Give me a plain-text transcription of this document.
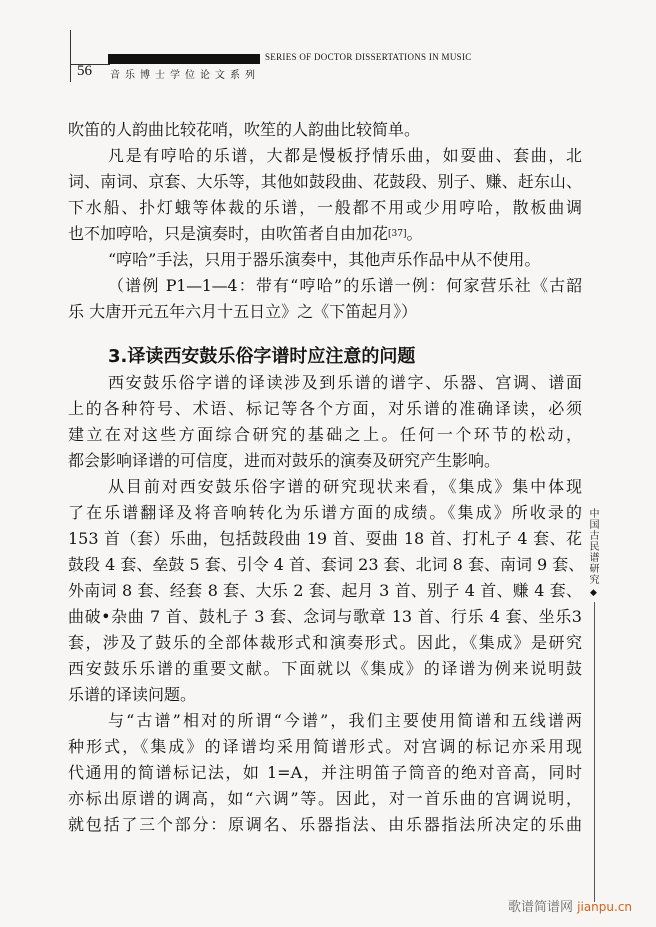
SERIES OF DOCTOR DISSERTATIONS IN MUSIC
56 音乐博士学位论文系列
吹笛的人韵曲比较花哨，吹笙的人韵曲比较简单。
凡是有哼哈的乐谱，大都是慢板抒情乐曲，如耍曲、套曲，北
词、南词、京套、大乐等，其他如鼓段曲、花鼓段、别子、赚、赶东山、
下水船、扑灯蛾等体裁的乐谱，一般都不用或少用哼哈，散板曲调
也不加哼哈，只是演奏时，由吹笛者自由加花[37]。
“哼哈”手法，只用于器乐演奏中，其他声乐作品中从不使用。
（谱例 P1—1—4：带有“哼哈”的乐谱一例：何家营乐社《古韶
乐 大唐开元五年六月十五日立》之《下笛起月》）
3.译读西安鼓乐俗字谱时应注意的问题
西安鼓乐俗字谱的译读涉及到乐谱的谱字、乐器、宫调、谱面
上的各种符号、术语、标记等各个方面，对乐谱的准确译读，必须
建立在对这些方面综合研究的基础之上。任何一个环节的松动，
都会影响译谱的可信度，进而对鼓乐的演奏及研究产生影响。
从目前对西安鼓乐俗字谱的研究现状来看，《集成》集中体现
了在乐谱翻译及将音响转化为乐谱方面的成绩。《集成》所收录的
153 首（套）乐曲，包括鼓段曲 19 首、耍曲 18 首、打札子 4 套、花
鼓段 4 套、垒鼓 5 套、引令 4 首、套词 23 套、北词 8 套、南词 9 套、
外南词 8 套、经套 8 套、大乐 2 套、起月 3 首、别子 4 首、赚 4 套、
曲破•杂曲 7 首、鼓札子 3 套、念词与歌章 13 首、行乐 4 套、坐乐3
套，涉及了鼓乐的全部体裁形式和演奏形式。因此，《集成》是研究
西安鼓乐乐谱的重要文献。下面就以《集成》的译谱为例来说明鼓
乐谱的译读问题。
与“古谱”相对的所谓“今谱”，我们主要使用简谱和五线谱两
种形式，《集成》的译谱均采用简谱形式。对宫调的标记亦采用现
代通用的简谱标记法，如 1=A，并注明笛子筒音的绝对音高，同时
亦标出原谱的调高，如“六调”等。因此，对一首乐曲的宫调说明，
就包括了三个部分：原调名、乐器指法、由乐器指法所决定的乐曲
中国古民谱研究
◆
歌谱简谱网 jianpu.cn
